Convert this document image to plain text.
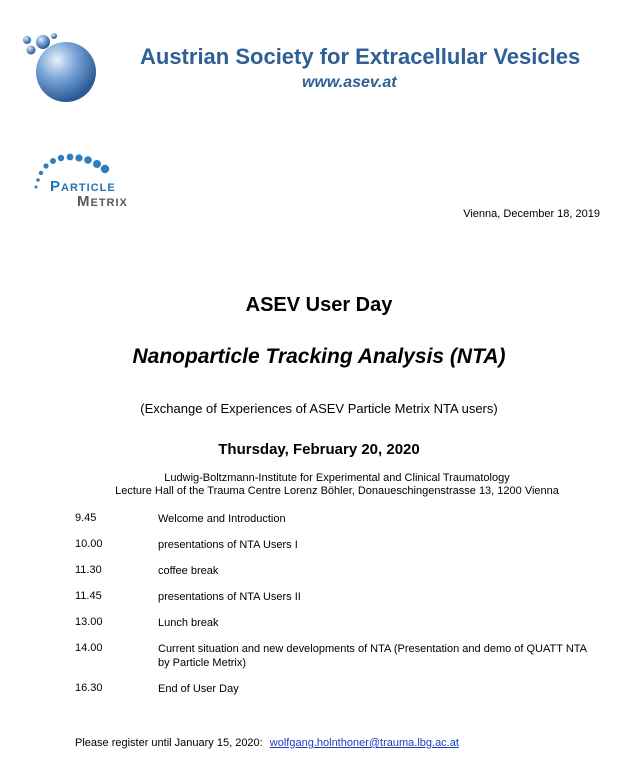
Austrian Society for Extracellular Vesicles
www.asev.at
Particle
Metrix
Vienna, December 18, 2019
ASEV User Day
Nanoparticle Tracking Analysis (NTA)
(Exchange of Experiences of ASEV Particle Metrix NTA users)
Thursday, February 20, 2020
Ludwig-Boltzmann-Institute for Experimental and Clinical Traumatology
Lecture Hall of the Trauma Centre Lorenz Böhler, Donaueschingenstrasse 13, 1200 Vienna
9.45	Welcome and Introduction
10.00	presentations of NTA Users I
11.30	coffee break
11.45	presentations of NTA Users II
13.00	Lunch break
14.00	Current situation and new developments of NTA (Presentation and demo of QUATT NTA by Particle Metrix)
16.30	End of User Day
Please register until January 15, 2020: wolfgang.holnthoner@trauma.lbg.ac.at
